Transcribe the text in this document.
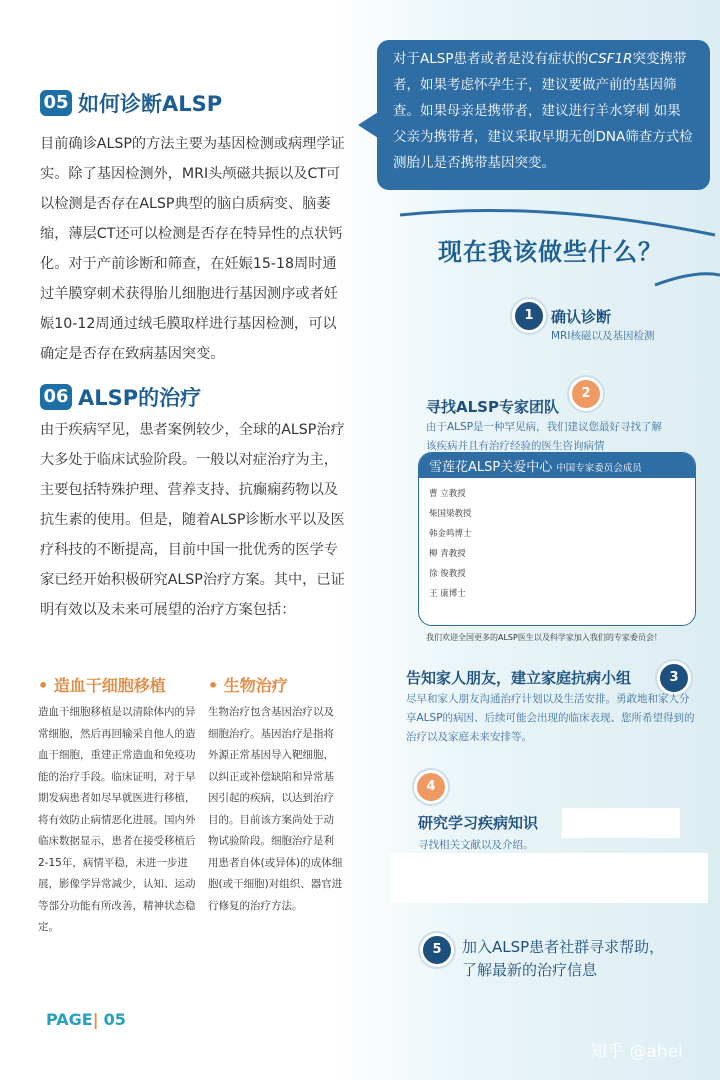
05 如何诊断ALSP
目前确诊ALSP的方法主要为基因检测或病理学证实。除了基因检测外，MRI头颅磁共振以及CT可以检测是否存在ALSP典型的脑白质病变、脑萎缩，薄层CT还可以检测是否存在特异性的点状钙化。对于产前诊断和筛查，在妊娠15-18周时通过羊膜穿刺术获得胎儿细胞进行基因测序或者妊娠10-12周通过绒毛膜取样进行基因检测，可以确定是否存在致病基因突变。
06 ALSP的治疗
由于疾病罕见，患者案例较少，全球的ALSP治疗大多处于临床试验阶段。一般以对症治疗为主，主要包括特殊护理、营养支持、抗癫痫药物以及抗生素的使用。但是，随着ALSP诊断水平以及医疗科技的不断提高，目前中国一批优秀的医学专家已经开始积极研究ALSP治疗方案。其中，已证明有效以及未来可展望的治疗方案包括：
• 造血干细胞移植
造血干细胞移植是以清除体内的异常细胞，然后再回输采自他人的造血干细胞，重建正常造血和免疫功能的治疗手段。临床证明，对于早期发病患者如尽早就医进行移植，将有效防止病情恶化进展。国内外临床数据显示，患者在接受移植后2-15年，病情平稳，未进一步进展，影像学异常减少，认知、运动等部分功能有所改善，精神状态稳定。
• 生物治疗
生物治疗包含基因治疗以及细胞治疗。基因治疗是指将外源正常基因导入靶细胞，以纠正或补偿缺陷和异常基因引起的疾病，以达到治疗目的。目前该方案尚处于动物试验阶段。细胞治疗是利用患者自体(或异体)的成体细胞(或干细胞)对组织、器官进行修复的治疗方法。
PAGE| 05
对于ALSP患者或者是没有症状的CSF1R突变携带者，如果考虑怀孕生子，建议要做产前的基因筛查。如果母亲是携带者，建议进行羊水穿刺 如果父亲为携带者，建议采取早期无创DNA筛查方式检测胎儿是否携带基因突变。
现在我该做些什么？
1	确认诊断
MRI核磁以及基因检测
2
寻找ALSP专家团队
由于ALSP是一种罕见病，我们建议您最好寻找了解该疾病并且有治疗经验的医生咨询病情
雪莲花ALSP关爱中心 中国专家委员会成员
曹 立教授
柴国梁教授
韩金鸣博士
柳 青教授
徐 俊教授
王 康博士
我们欢迎全国更多的ALSP医生以及科学家加入我们的专家委员会！
3
告知家人朋友，建立家庭抗病小组
尽早和家人朋友沟通治疗计划以及生活安排。勇敢地和家人分享ALSP的病因、后续可能会出现的临床表现、您所希望得到的治疗以及家庭未来安排等。
4
研究学习疾病知识
寻找相关文献以及介绍。
5	加入ALSP患者社群寻求帮助，
了解最新的治疗信息
知乎 @ahei
